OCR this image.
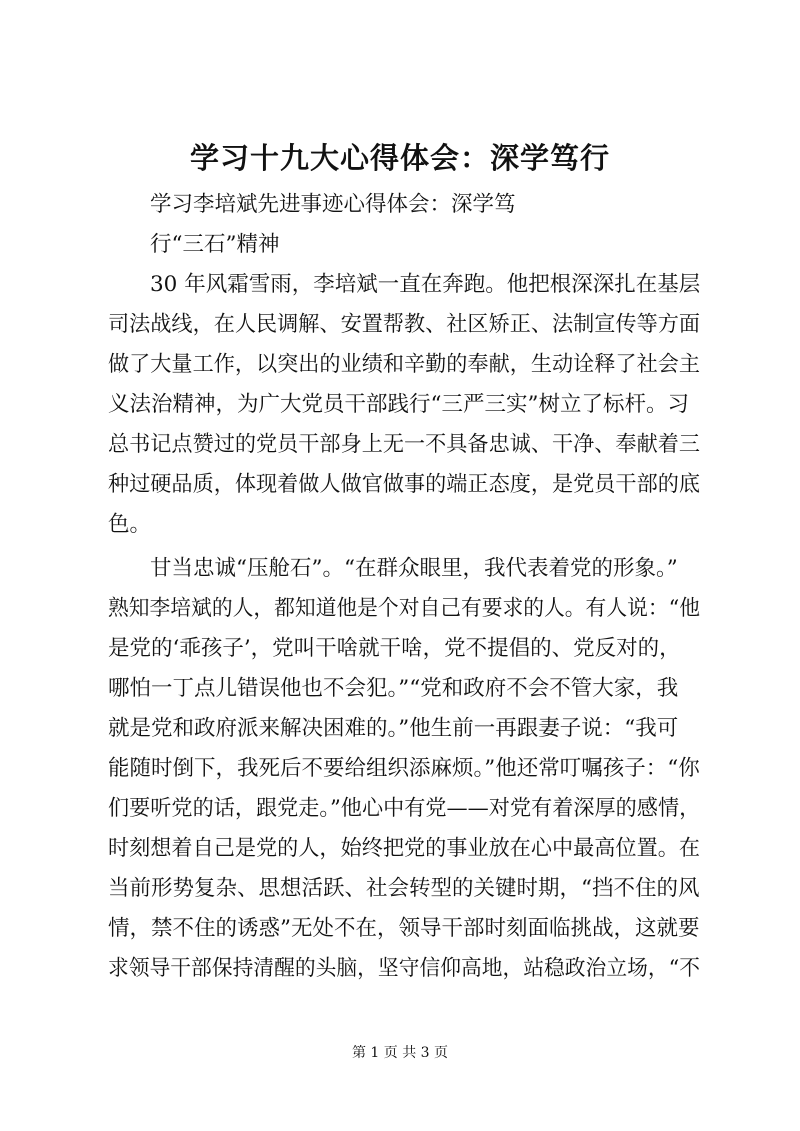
学习十九大心得体会：深学笃行
学习李培斌先进事迹心得体会：深学笃
行“三石”精神
30 年风霜雪雨，李培斌一直在奔跑。他把根深深扎在基层
司法战线，在人民调解、安置帮教、社区矫正、法制宣传等方面
做了大量工作，以突出的业绩和辛勤的奉献，生动诠释了社会主
义法治精神，为广大党员干部践行“三严三实”树立了标杆。习
总书记点赞过的党员干部身上无一不具备忠诚、干净、奉献着三
种过硬品质，体现着做人做官做事的端正态度，是党员干部的底
色。
甘当忠诚“压舱石”。“在群众眼里，我代表着党的形象。”
熟知李培斌的人，都知道他是个对自己有要求的人。有人说：“他
是党的‘乖孩子’，党叫干啥就干啥，党不提倡的、党反对的，
哪怕一丁点儿错误他也不会犯。”“党和政府不会不管大家，我
就是党和政府派来解决困难的。”他生前一再跟妻子说：“我可
能随时倒下，我死后不要给组织添麻烦。”他还常叮嘱孩子：“你
们要听党的话，跟党走。”他心中有党——对党有着深厚的感情，
时刻想着自己是党的人，始终把党的事业放在心中最高位置。在
当前形势复杂、思想活跃、社会转型的关键时期，“挡不住的风
情，禁不住的诱惑”无处不在，领导干部时刻面临挑战，这就要
求领导干部保持清醒的头脑，坚守信仰高地，站稳政治立场，“不
第 1 页 共 3 页
